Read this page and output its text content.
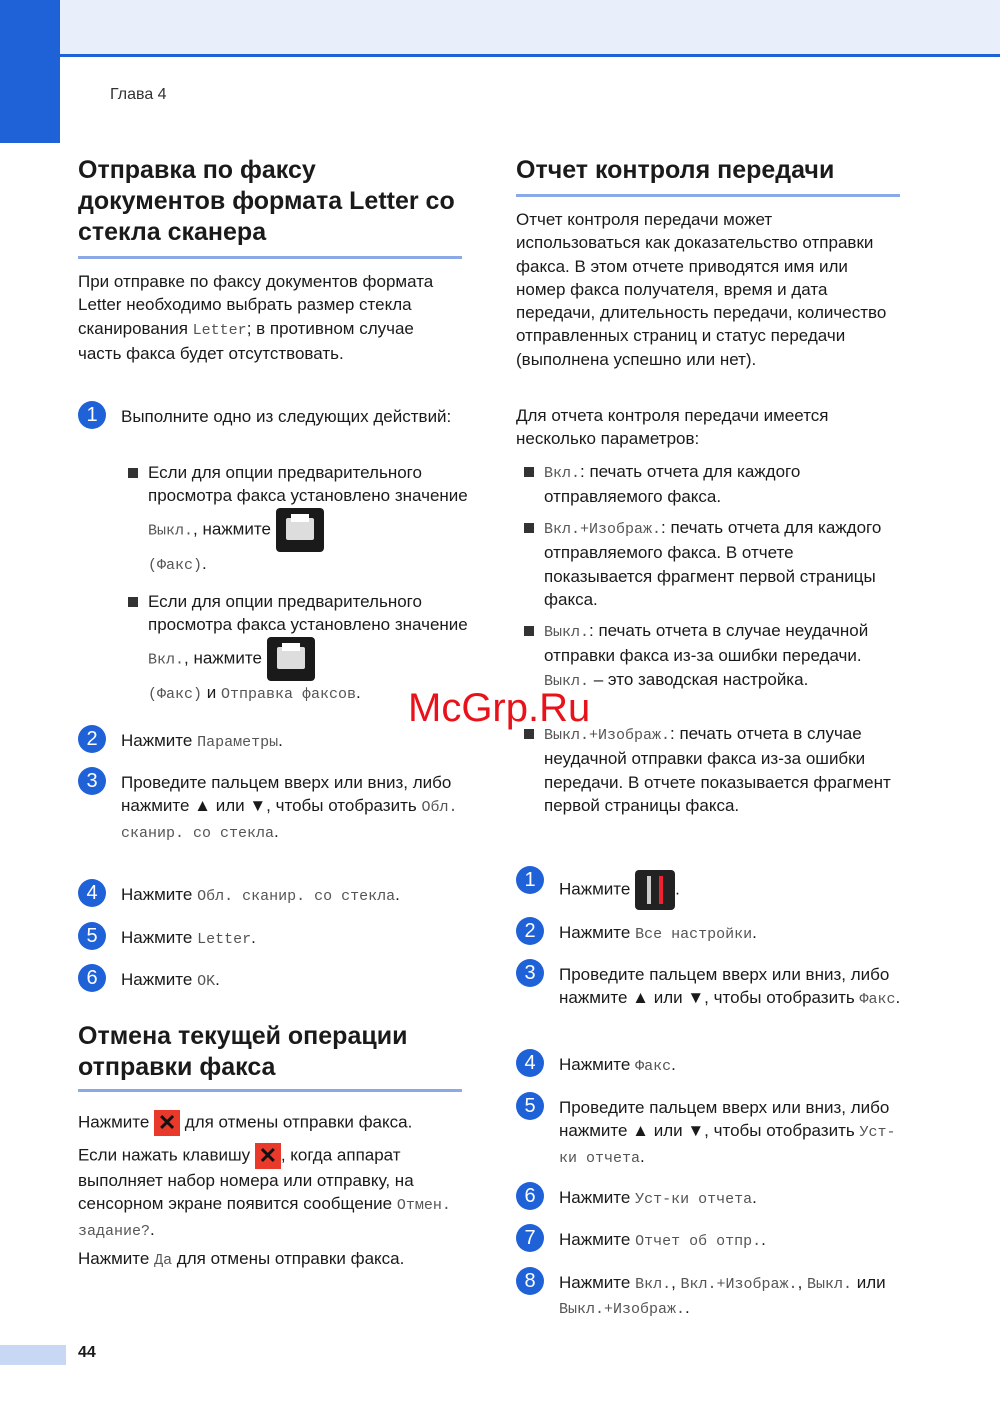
Глава 4
Отправка по факсу документов формата Letter со стекла сканера

При отправке по факсу документов формата Letter необходимо выбрать размер стекла сканирования Letter; в противном случае часть факса будет отсутствовать.

1	Выполните одно из следующих действий:
Если для опции предварительного просмотра факса установлено значение Выкл., нажмите
(Факс).
Если для опции предварительного просмотра факса установлено значение Вкл., нажмите
(Факс) и Отправка факсов.
2	Нажмите Параметры.
3	Проведите пальцем вверх или вниз, либо нажмите ▲ или ▼, чтобы отобразить Обл. сканир. со стекла.
4	Нажмите Обл. сканир. со стекла.
5	Нажмите Letter.
6	Нажмите OK.
Отмена текущей операции отправки факса

Нажмите ✕ для отмены отправки факса.

Если нажать клавишу ✕ , когда аппарат выполняет набор номера или отправку, на сенсорном экране появится сообщение Отмен. задание?.

Нажмите Да для отмены отправки факса.

Отчет контроля передачи

Отчет контроля передачи может использоваться как доказательство отправки факса. В этом отчете приводятся имя или номер факса получателя, время и дата передачи, длительность передачи, количество отправленных страниц и статус передачи (выполнена успешно или нет).

Для отчета контроля передачи имеется несколько параметров:

Вкл.: печать отчета для каждого отправляемого факса.
Вкл.+Изображ.: печать отчета для каждого отправляемого факса. В отчете показывается фрагмент первой страницы факса.
Выкл.: печать отчета в случае неудачной отправки факса из-за ошибки передачи. Выкл. – это заводская настройка.
Выкл.+Изображ.: печать отчета в случае неудачной отправки факса из-за ошибки передачи. В отчете показывается фрагмент первой страницы факса.
1	Нажмите .
2	Нажмите Все настройки.
3	Проведите пальцем вверх или вниз, либо нажмите ▲ или ▼, чтобы отобразить Факс.
4	Нажмите Факс.
5	Проведите пальцем вверх или вниз, либо нажмите ▲ или ▼, чтобы отобразить Уст-ки отчета.
6	Нажмите Уст-ки отчета.
7	Нажмите Отчет об отпр..
8	Нажмите Вкл., Вкл.+Изображ., Выкл. или Выкл.+Изображ..
McGrp.Ru
44
